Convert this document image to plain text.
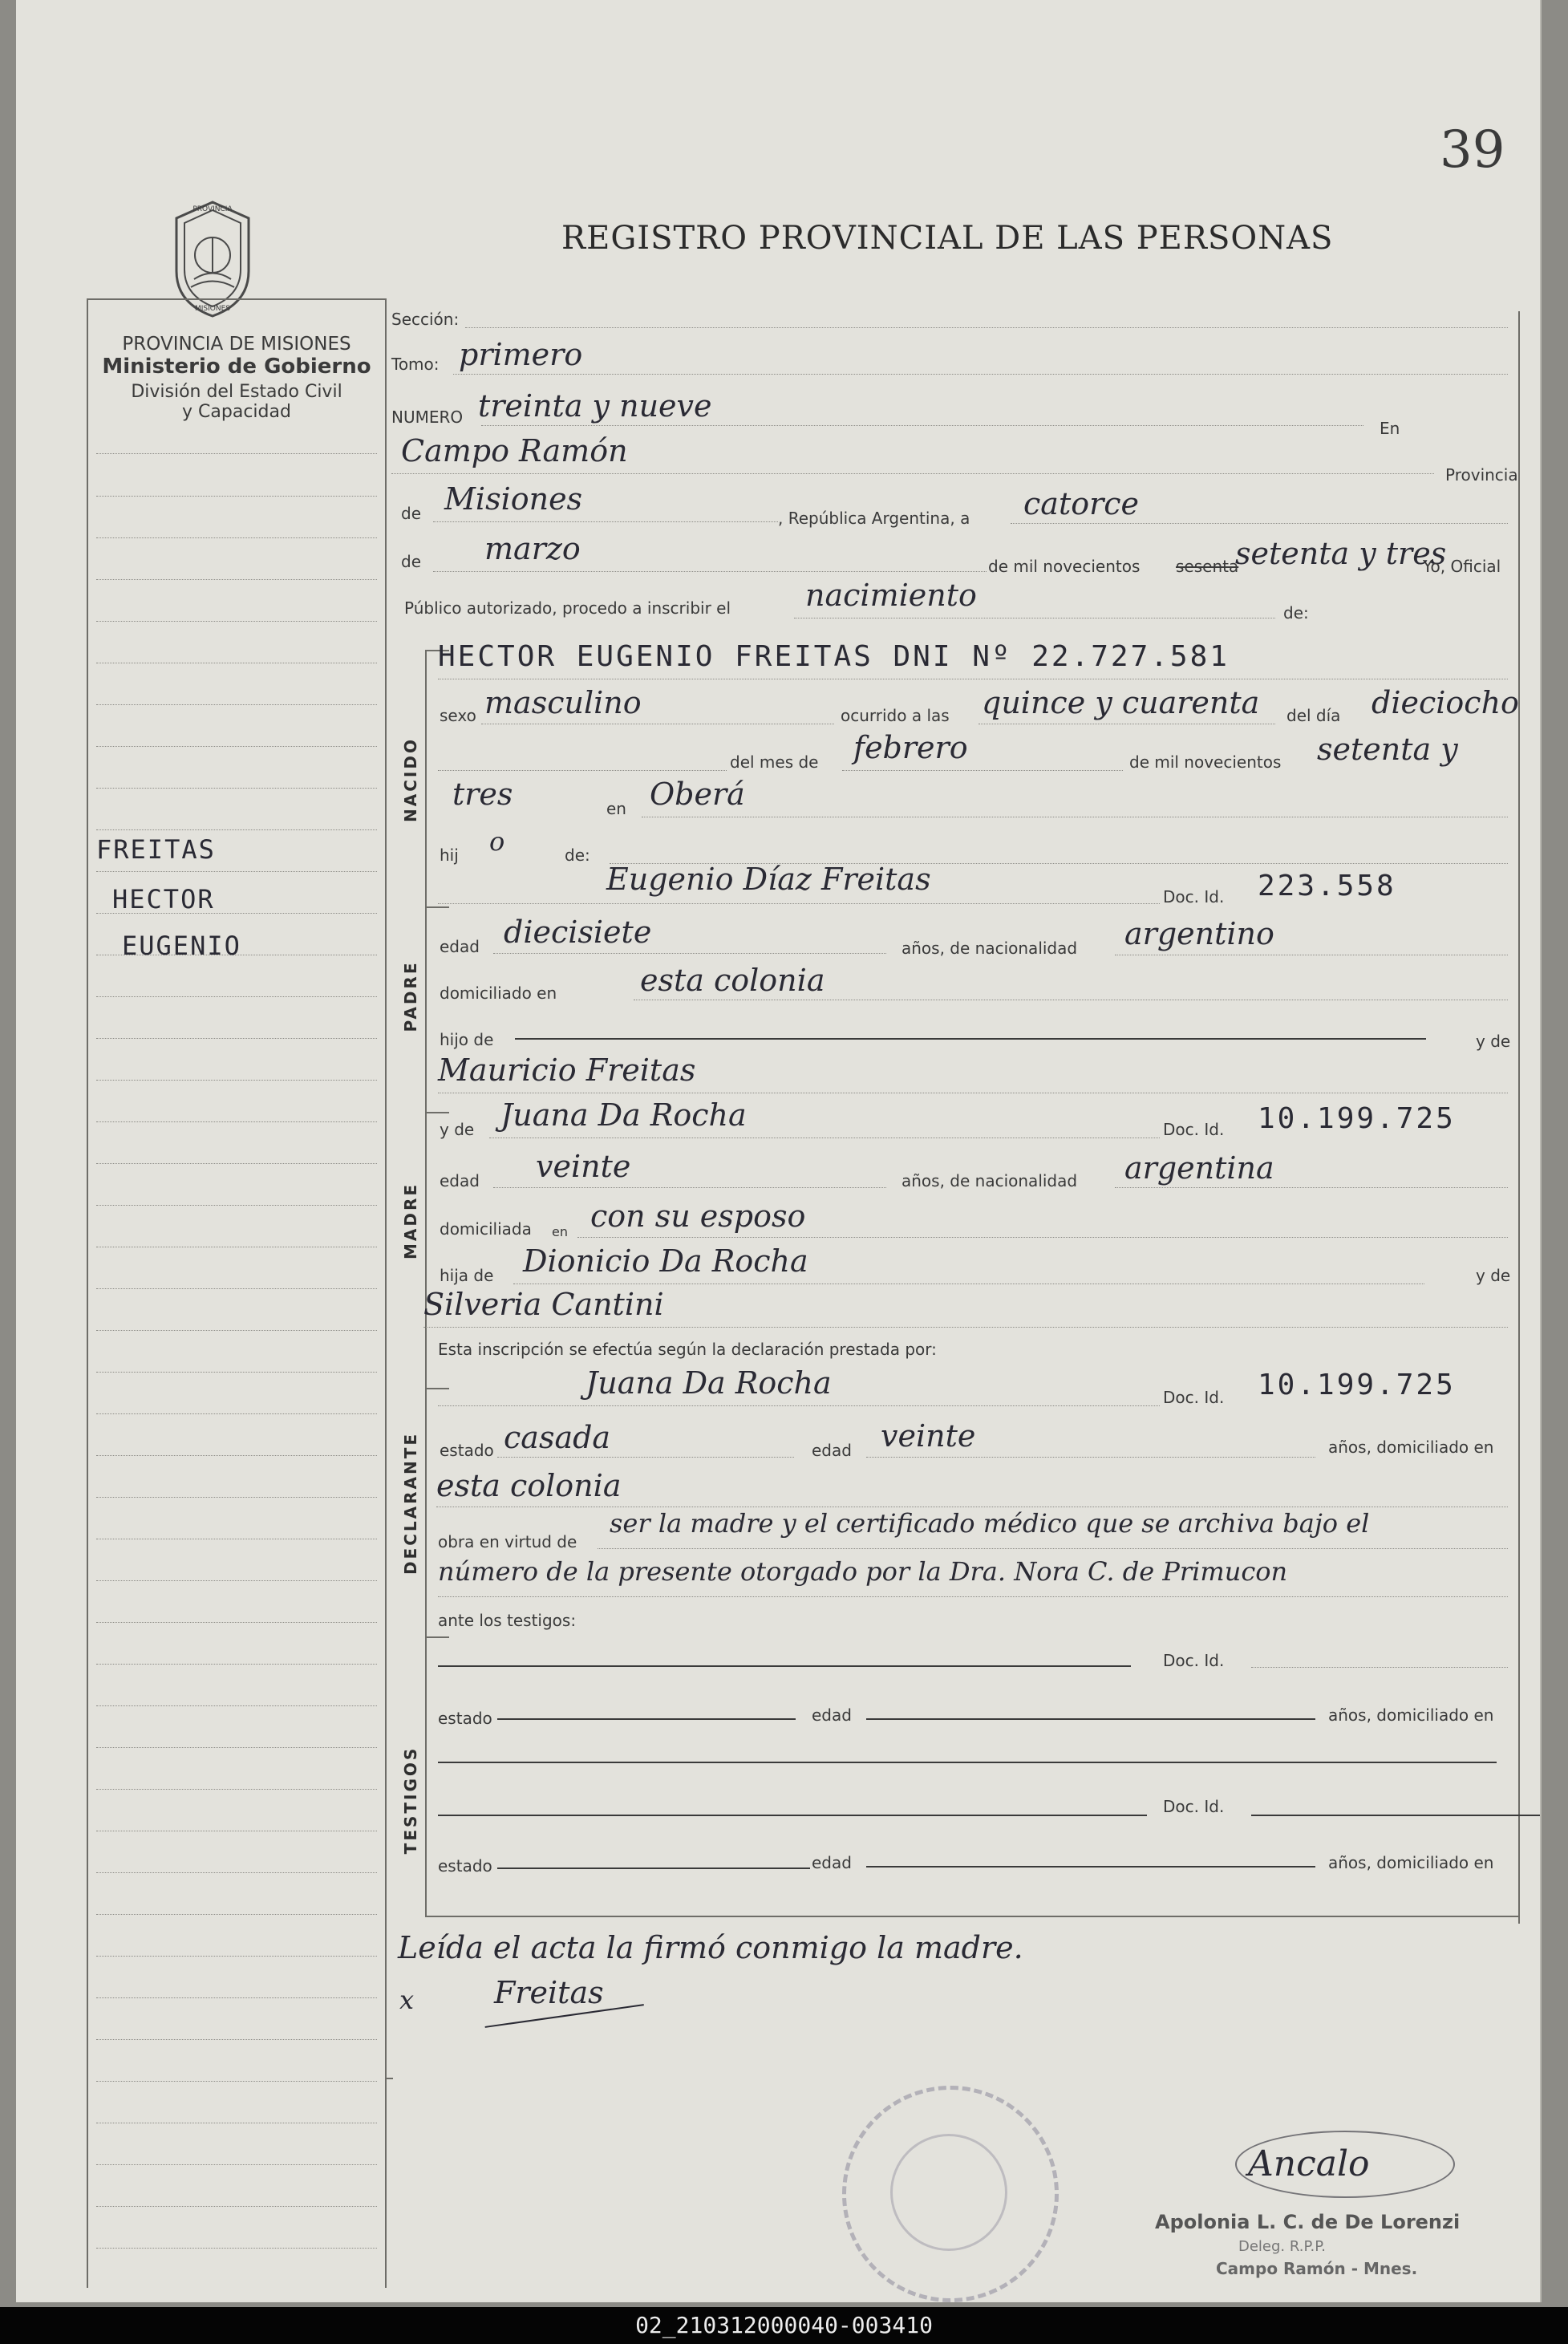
39
PROVINCIA
MISIONES
REGISTRO PROVINCIAL DE LAS PERSONAS
PROVINCIA DE MISIONES
Ministerio de Gobierno
División del Estado Civil
y Capacidad
NACIDO
PADRE
MADRE
DECLARANTE
TESTIGOS
FREITAS
HECTOR
EUGENIO
Sección:
Tomo: primero
NUMERO treinta y nueve
En
Campo Ramón
Provincia
de Misiones
, República Argentina, a catorce
de marzo	de mil novecientos sesenta
setenta y tres
Yo, Oficial
Público autorizado, procedo a inscribir el nacimiento	de:
HECTOR EUGENIO FREITAS DNI Nº 22.727.581
sexo masculino	ocurrido a las quince y cuarenta del día dieciocho
del mes de febrero	de mil novecientos setenta y
tres	en Oberá
hij o	de:
Eugenio Díaz Freitas	Doc. Id. 223.558
edad diecisiete	años, de nacionalidad argentino
domiciliado en	esta colonia
hijo de	y de
Mauricio Freitas
y de Juana Da Rocha	Doc. Id. 10.199.725
edad veinte	años, de nacionalidad argentina
domiciliada en con su esposo
hija de Dionicio Da Rocha	y de
Silveria Cantini
Esta inscripción se efectúa según la declaración prestada por:
Juana Da Rocha	Doc. Id. 10.199.725
estado casada	edad veinte	años, domiciliado en
esta colonia
obra en virtud de
ser la madre y el certificado médico que se archiva bajo el
número de la presente otorgado por la Dra. Nora C. de Primucon
ante los testigos:
Doc. Id.
estado	edad	años, domiciliado en
Doc. Id.
estado	edad	años, domiciliado en
Leída el acta la firmó conmigo la madre.
x	Freitas
Ancalo
Apolonia L. C. de De Lorenzi
Deleg. R.P.P.
Campo Ramón - Mnes.
02_210312000040-003410
